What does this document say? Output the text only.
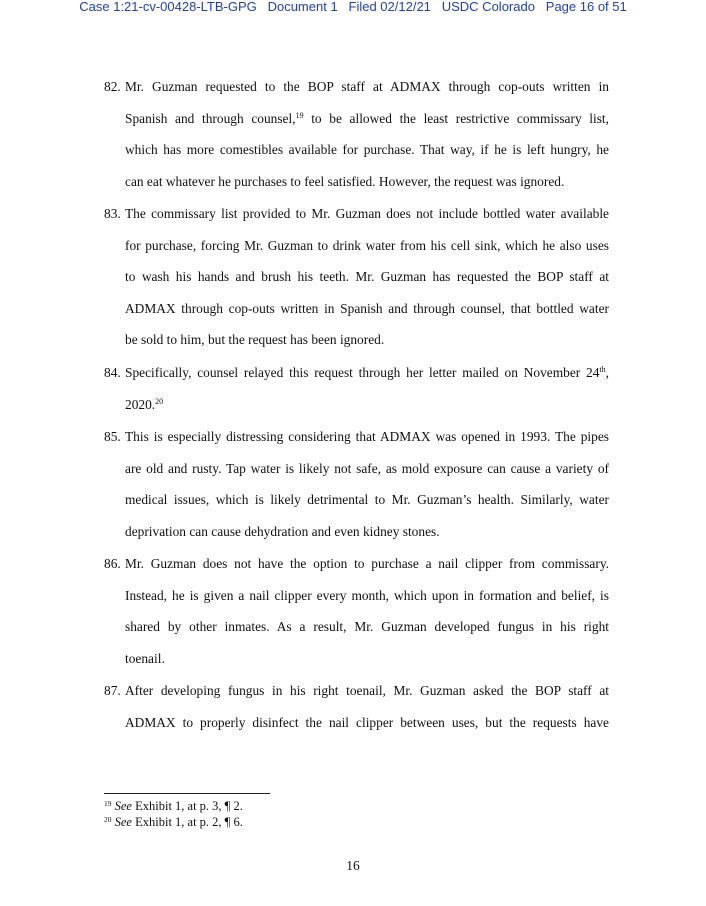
Case 1:21-cv-00428-LTB-GPG   Document 1   Filed 02/12/21   USDC Colorado   Page 16 of 51
82. Mr. Guzman requested to the BOP staff at ADMAX through cop-outs written in
Spanish and through counsel,$^{19}$ to be allowed the least restrictive commissary list,
which has more comestibles available for purchase. That way, if he is left hungry, he
can eat whatever he purchases to feel satisfied. However, the request was ignored.
83. The commissary list provided to Mr. Guzman does not include bottled water available
for purchase, forcing Mr. Guzman to drink water from his cell sink, which he also uses
to wash his hands and brush his teeth. Mr. Guzman has requested the BOP staff at
ADMAX through cop-outs written in Spanish and through counsel, that bottled water
be sold to him, but the request has been ignored.
84. Specifically, counsel relayed this request through her letter mailed on November 24th,
2020.20
85. This is especially distressing considering that ADMAX was opened in 1993. The pipes
are old and rusty. Tap water is likely not safe, as mold exposure can cause a variety of
medical issues, which is likely detrimental to Mr. Guzman’s health. Similarly, water
deprivation can cause dehydration and even kidney stones.
86. Mr. Guzman does not have the option to purchase a nail clipper from commissary.
Instead, he is given a nail clipper every month, which upon in formation and belief, is
shared by other inmates. As a result, Mr. Guzman developed fungus in his right
toenail.
87. After developing fungus in his right toenail, Mr. Guzman asked the BOP staff at
ADMAX to properly disinfect the nail clipper between uses, but the requests have
$^{19}$ See Exhibit 1, at p. 3, ¶ 2.
$^{20}$ See Exhibit 1, at p. 2, ¶ 6.
16
